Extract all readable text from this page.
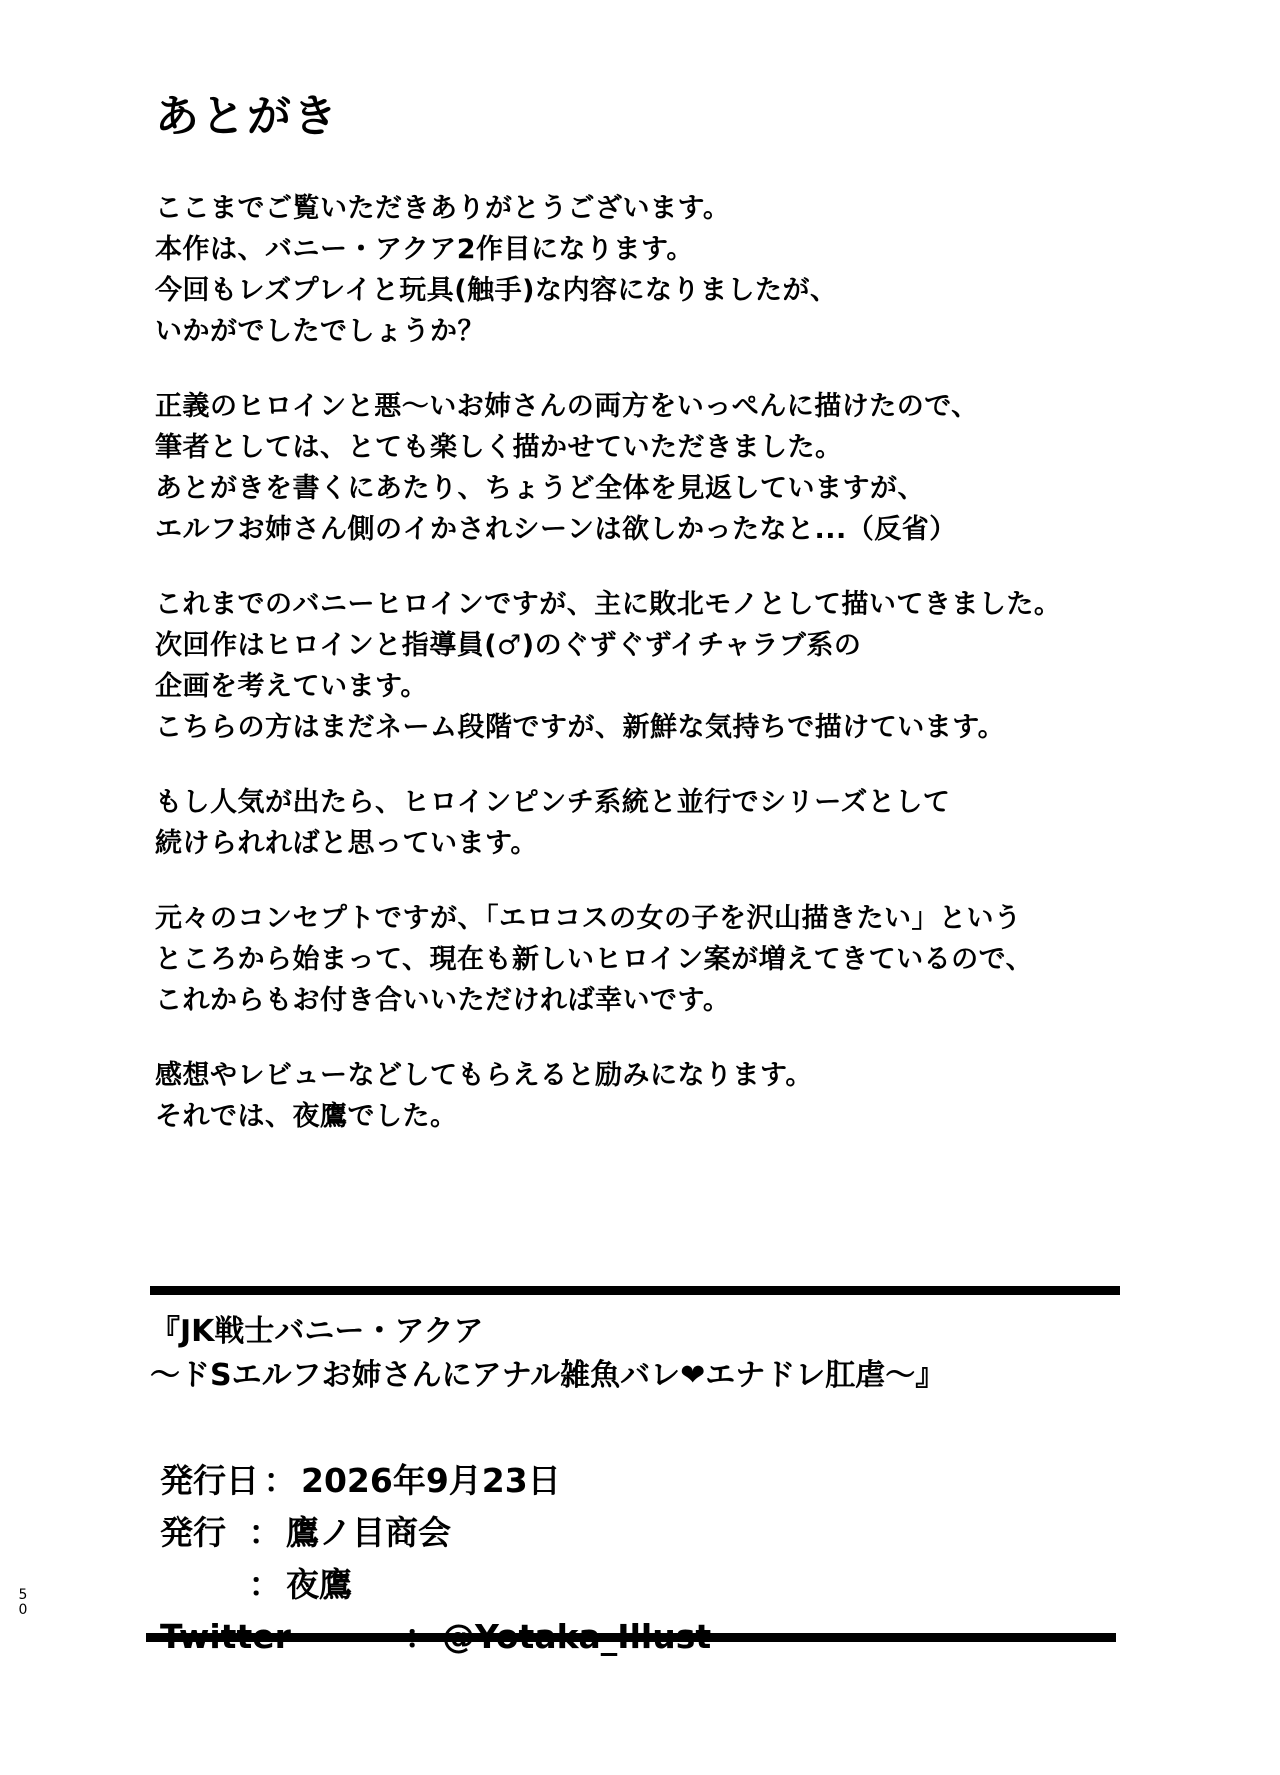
あとがき

ここまでご覧いただきありがとうございます。
本作は、バニー・アクア2作目になります。
今回もレズプレイと玩具(触手)な内容になりましたが、
いかがでしたでしょうか？

正義のヒロインと悪～いお姉さんの両方をいっぺんに描けたので、
筆者としては、とても楽しく描かせていただきました。
あとがきを書くにあたり、ちょうど全体を見返していますが、
エルフお姉さん側のイかされシーンは欲しかったなと...（反省）

これまでのバニーヒロインですが、主に敗北モノとして描いてきました。
次回作はヒロインと指導員(♂)のぐずぐずイチャラブ系の
企画を考えています。
こちらの方はまだネーム段階ですが、新鮮な気持ちで描けています。

もし人気が出たら、ヒロインピンチ系統と並行でシリーズとして
続けられればと思っています。

元々のコンセプトですが、「エロコスの女の子を沢山描きたい」という
ところから始まって、現在も新しいヒロイン案が増えてきているので、
これからもお付き合いいただければ幸いです。

感想やレビューなどしてもらえると励みになります。
それでは、夜鷹でした。

『JK戦士バニー・アクア
～ドSエルフお姉さんにアナル雑魚バレ❤エナドレ肛虐～』
発行日 ： 2026年9月23日
発行 ： 鷹ノ目商会
： 夜鷹
50
